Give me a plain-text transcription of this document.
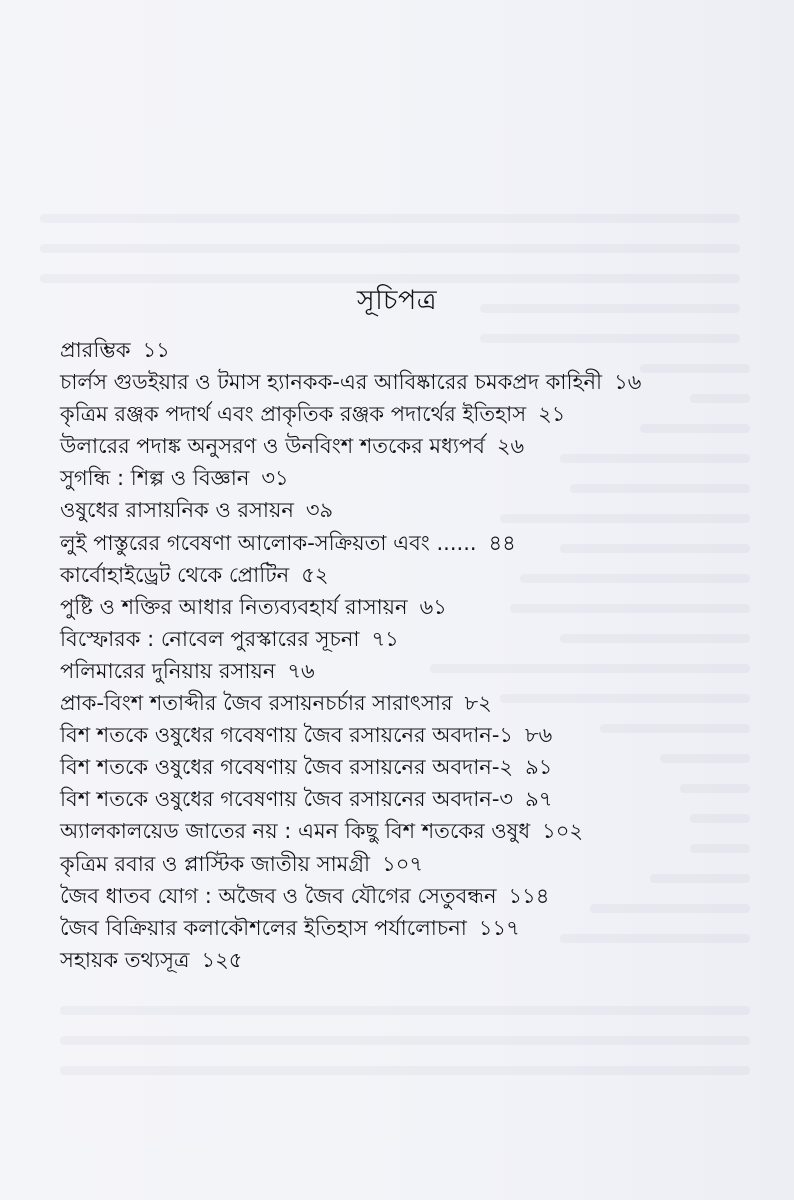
সূচিপত্র
প্রারম্ভিক ১১
চার্লস গুডইয়ার ও টমাস হ্যানকক-এর আবিষ্কারের চমকপ্রদ কাহিনী ১৬
কৃত্রিম রঞ্জক পদার্থ এবং প্রাকৃতিক রঞ্জক পদার্থের ইতিহাস ২১
উলারের পদাঙ্ক অনুসরণ ও উনবিংশ শতকের মধ্যপর্ব ২৬
সুগন্ধি : শিল্প ও বিজ্ঞান ৩১
ওষুধের রাসায়নিক ও রসায়ন ৩৯
লুই পাস্তুরের গবেষণা আলোক-সক্রিয়তা এবং ...... ৪৪
কার্বোহাইড্রেট থেকে প্রোটিন ৫২
পুষ্টি ও শক্তির আধার নিত্যব্যবহার্য রাসায়ন ৬১
বিস্ফোরক : নোবেল পুরস্কারের সূচনা ৭১
পলিমারের দুনিয়ায় রসায়ন ৭৬
প্রাক-বিংশ শতাব্দীর জৈব রসায়নচর্চার সারাৎসার ৮২
বিশ শতকে ওষুধের গবেষণায় জৈব রসায়নের অবদান-১ ৮৬
বিশ শতকে ওষুধের গবেষণায় জৈব রসায়নের অবদান-২ ৯১
বিশ শতকে ওষুধের গবেষণায় জৈব রসায়নের অবদান-৩ ৯৭
অ্যালকালয়েড জাতের নয় : এমন কিছু বিশ শতকের ওষুধ ১০২
কৃত্রিম রবার ও প্লাস্টিক জাতীয় সামগ্রী ১০৭
জৈব ধাতব যোগ : অজৈব ও জৈব যৌগের সেতুবন্ধন ১১৪
জৈব বিক্রিয়ার কলাকৌশলের ইতিহাস পর্যালোচনা ১১৭
সহায়ক তথ্যসূত্র ১২৫
